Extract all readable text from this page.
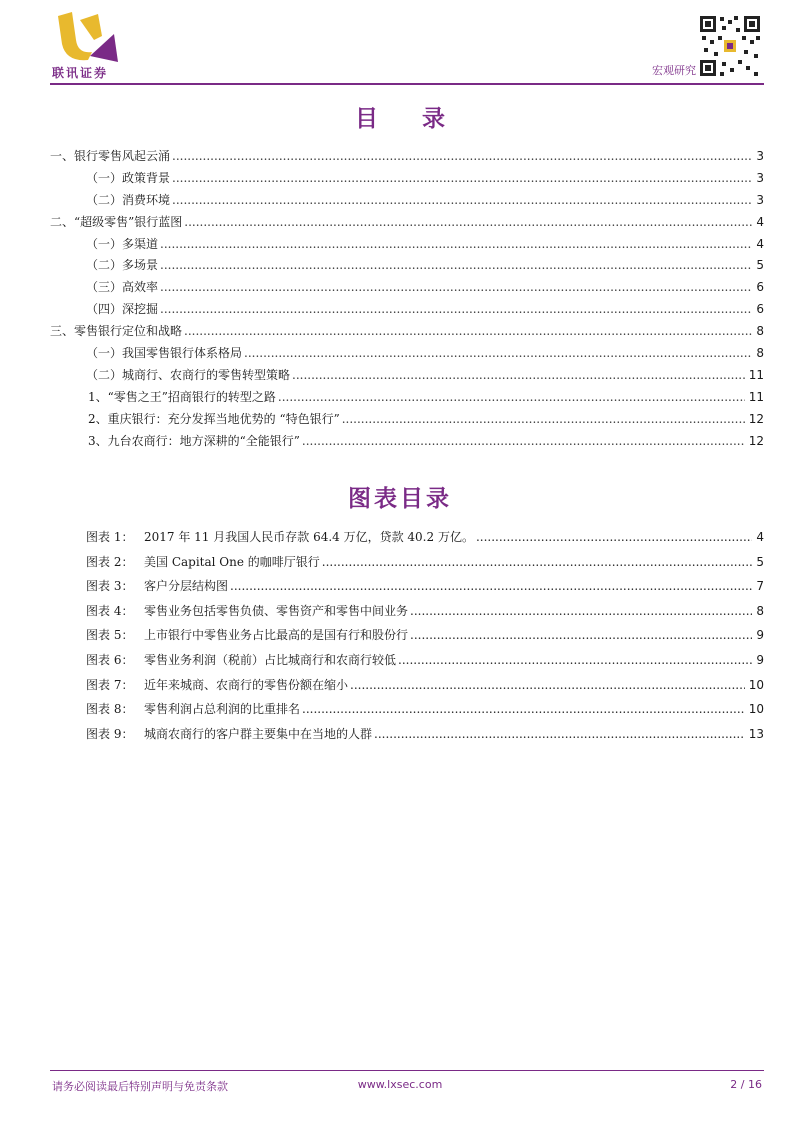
联讯证券	宏观研究
目 录
一、银行零售风起云涌 .....	3
（一）政策背景 .....	3
（二）消费环境 .....	3
二、“超级零售”银行蓝图 .....	4
（一）多渠道 .....	4
（二）多场景 .....	5
（三）高效率 .....	6
（四）深挖掘 .....	6
三、零售银行定位和战略 .....	8
（一）我国零售银行体系格局 .....	8
（二）城商行、农商行的零售转型策略 .....	11
1、“零售之王”招商银行的转型之路 .....	11
2、重庆银行：充分发挥当地优势的 “特色银行” .....	12
3、九台农商行：地方深耕的“全能银行” .....	12
图表目录
图表 1： 2017 年 11 月我国人民币存款 64.4 万亿，贷款 40.2 万亿。 .....	4
图表 2： 美国 Capital One 的咖啡厅银行 .....	5
图表 3： 客户分层结构图 .....	7
图表 4： 零售业务包括零售负债、零售资产和零售中间业务 .....	8
图表 5： 上市银行中零售业务占比最高的是国有行和股份行 .....	9
图表 6： 零售业务利润（税前）占比城商行和农商行较低 .....	9
图表 7： 近年来城商、农商行的零售份额在缩小 .....	10
图表 8： 零售利润占总利润的比重排名 .....	10
图表 9： 城商农商行的客户群主要集中在当地的人群 .....	13
请务必阅读最后特别声明与免责条款	www.lxsec.com	2 / 16
